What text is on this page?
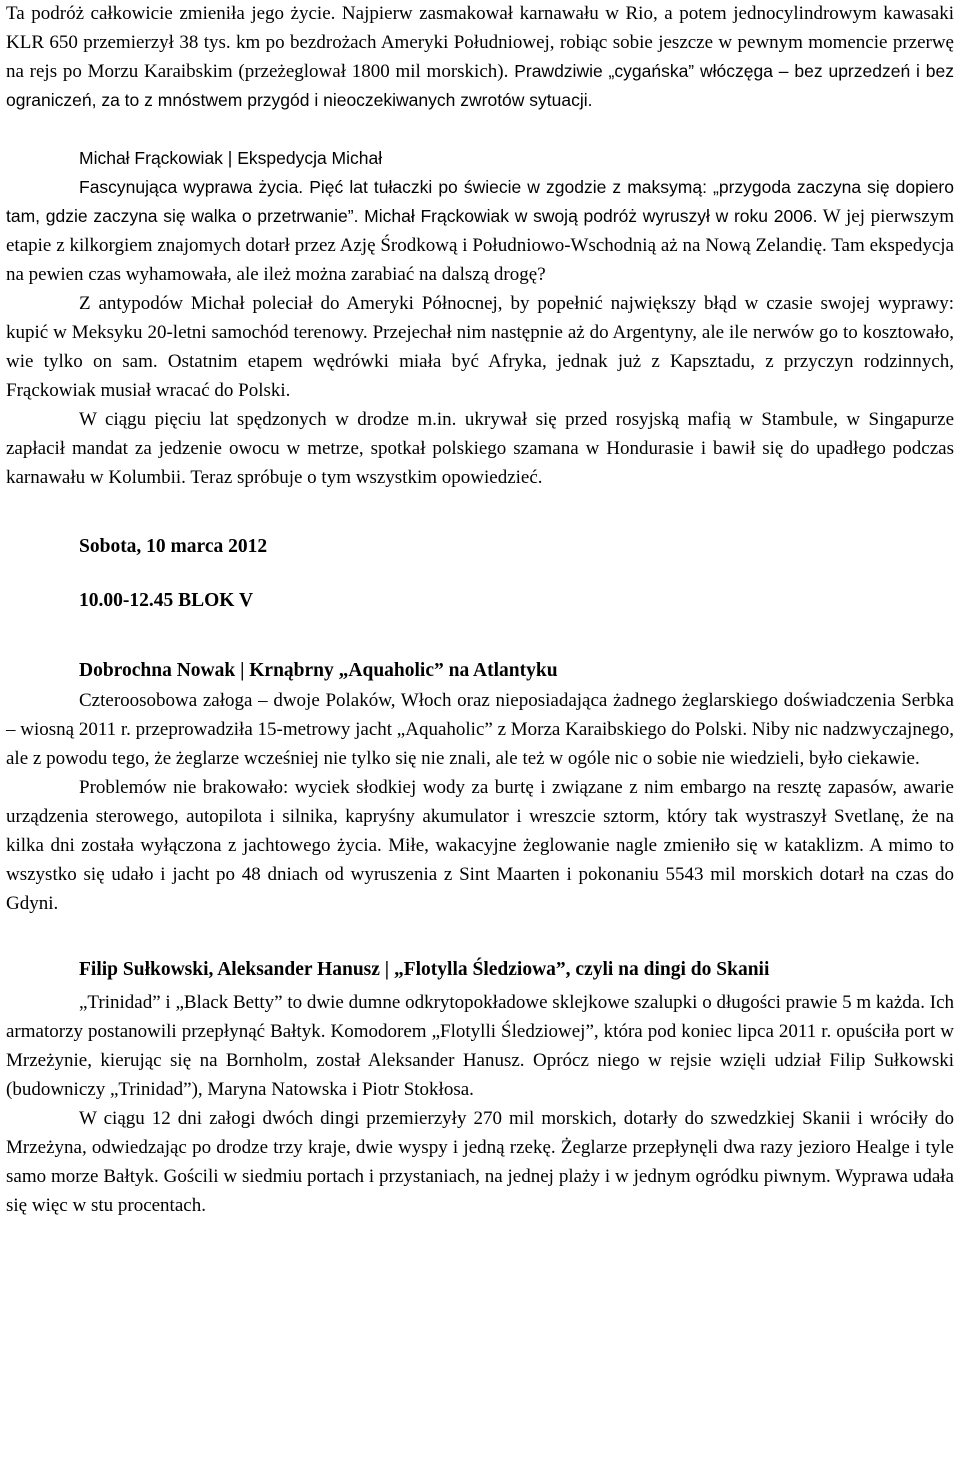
Ta podróż całkowicie zmieniła jego życie. Najpierw zasmakował karnawału w Rio, a potem jednocylindrowym kawasaki KLR 650 przemierzył 38 tys. km po bezdrożach Ameryki Południowej, robiąc sobie jeszcze w pewnym momencie przerwę na rejs po Morzu Karaibskim (przeżeglował 1800 mil morskich). Prawdziwie „cygańska” włóczęga – bez uprzedzeń i bez ograniczeń, za to z mnóstwem przygód i nieoczekiwanych zwrotów sytuacji.

Michał Frąckowiak | Ekspedycja Michał

Fascynująca wyprawa życia. Pięć lat tułaczki po świecie w zgodzie z maksymą: „przygoda zaczyna się dopiero tam, gdzie zaczyna się walka o przetrwanie”. Michał Frąckowiak w swoją podróż wyruszył w roku 2006. W jej pierwszym etapie z kilkorgiem znajomych dotarł przez Azję Środkową i Południowo-Wschodnią aż na Nową Zelandię. Tam ekspedycja na pewien czas wyhamowała, ale ileż można zarabiać na dalszą drogę?

Z antypodów Michał poleciał do Ameryki Północnej, by popełnić największy błąd w czasie swojej wyprawy: kupić w Meksyku 20-letni samochód terenowy. Przejechał nim następnie aż do Argentyny, ale ile nerwów go to kosztowało, wie tylko on sam. Ostatnim etapem wędrówki miała być Afryka, jednak już z Kapsztadu, z przyczyn rodzinnych, Frąckowiak musiał wracać do Polski.

W ciągu pięciu lat spędzonych w drodze m.in. ukrywał się przed rosyjską mafią w Stambule, w Singapurze zapłacił mandat za jedzenie owocu w metrze, spotkał polskiego szamana w Hondurasie i bawił się do upadłego podczas karnawału w Kolumbii. Teraz spróbuje o tym wszystkim opowiedzieć.

Sobota, 10 marca 2012
10.00-12.45 BLOK V
Dobrochna Nowak | Krnąbrny „Aquaholic” na Atlantyku

Czteroosobowa załoga – dwoje Polaków, Włoch oraz nieposiadająca żadnego żeglarskiego doświadczenia Serbka – wiosną 2011 r. przeprowadziła 15-metrowy jacht „Aquaholic” z Morza Karaibskiego do Polski. Niby nic nadzwyczajnego, ale z powodu tego, że żeglarze wcześniej nie tylko się nie znali, ale też w ogóle nic o sobie nie wiedzieli, było ciekawie.

Problemów nie brakowało: wyciek słodkiej wody za burtę i związane z nim embargo na resztę zapasów, awarie urządzenia sterowego, autopilota i silnika, kapryśny akumulator i wreszcie sztorm, który tak wystraszył Svetlanę, że na kilka dni została wyłączona z jachtowego życia. Miłe, wakacyjne żeglowanie nagle zmieniło się w kataklizm. A mimo to wszystko się udało i jacht po 48 dniach od wyruszenia z Sint Maarten i pokonaniu 5543 mil morskich dotarł na czas do Gdyni.

Filip Sułkowski, Aleksander Hanusz | „Flotylla Śledziowa”, czyli na dingi do Skanii

„Trinidad” i „Black Betty” to dwie dumne odkrytopokładowe sklejkowe szalupki o długości prawie 5 m każda. Ich armatorzy postanowili przepłynąć Bałtyk. Komodorem „Flotylli Śledziowej”, która pod koniec lipca 2011 r. opuściła port w Mrzeżynie, kierując się na Bornholm, został Aleksander Hanusz. Oprócz niego w rejsie wzięli udział Filip Sułkowski (budowniczy „Trinidad”), Maryna Natowska i Piotr Stokłosa.

W ciągu 12 dni załogi dwóch dingi przemierzyły 270 mil morskich, dotarły do szwedzkiej Skanii i wróciły do Mrzeżyna, odwiedzając po drodze trzy kraje, dwie wyspy i jedną rzekę. Żeglarze przepłynęli dwa razy jezioro Healge i tyle samo morze Bałtyk. Gościli w siedmiu portach i przystaniach, na jednej plaży i w jednym ogródku piwnym. Wyprawa udała się więc w stu procentach.
